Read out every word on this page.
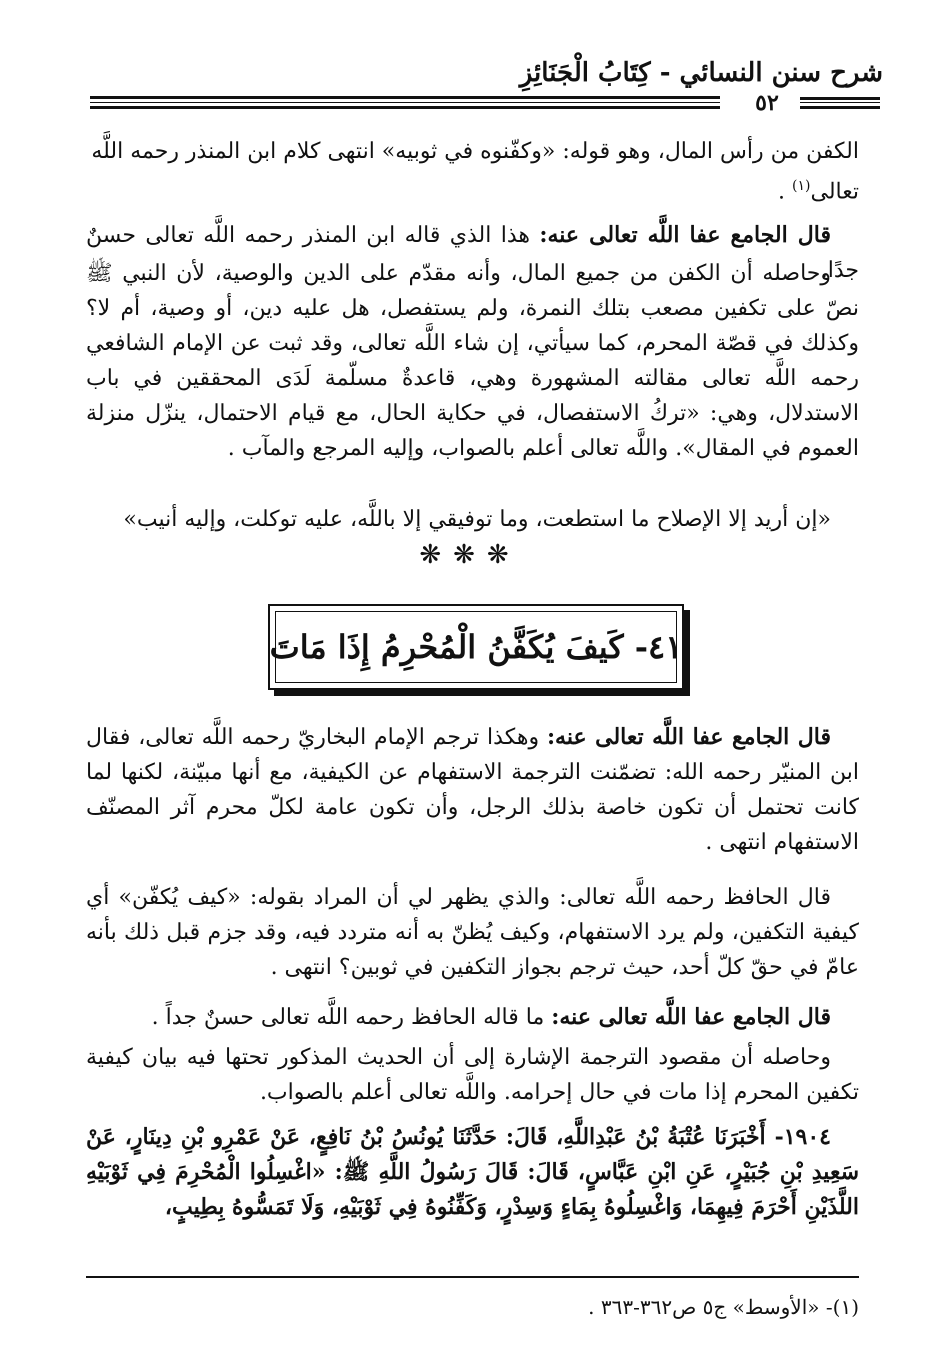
شرح سنن النسائي - كِتَابُ الْجَنَائِزِ
٥٢
الكفن من رأس المال، وهو قوله: «وكفّنوه في ثوبيه» انتهى كلام ابن المنذر رحمه اللَّه
تعالى$^{(١)}$ .
قال الجامع عفا اللَّه تعالى عنه: هذا الذي قاله ابن المنذر رحمه اللَّه تعالى حسنٌ جدًا.
وحاصله أن الكفن من جميع المال، وأنه مقدّم على الدين والوصية، لأن النبي ﷺ نصّ على تكفين مصعب بتلك النمرة، ولم يستفصل، هل عليه دين، أو وصية، أم لا؟ وكذلك في قصّة المحرم، كما سيأتي، إن شاء اللَّه تعالى، وقد ثبت عن الإمام الشافعي رحمه اللَّه تعالى مقالته المشهورة وهي، قاعدةٌ مسلّمة لَدَى المحققين في باب الاستدلال، وهي: «تركُ الاستفصال، في حكاية الحال، مع قيام الاحتمال، ينزّل منزلة العموم في المقال». واللَّه تعالى أعلم بالصواب، وإليه المرجع والمآب .
«إن أريد إلا الإصلاح ما استطعت، وما توفيقي إلا باللَّه، عليه توكلت، وإليه أنيب»
❋❋❋
٤١- كَيفَ يُكَفَّنُ الْمُحْرِمُ إِذَا مَاتَ
قال الجامع عفا اللَّه تعالى عنه: وهكذا ترجم الإمام البخاريّ رحمه اللَّه تعالى، فقال ابن المنيّر رحمه الله: تضمّنت الترجمة الاستفهام عن الكيفية، مع أنها مبيّنة، لكنها لما كانت تحتمل أن تكون خاصة بذلك الرجل، وأن تكون عامة لكلّ محرم آثر المصنّف الاستفهام انتهى .
قال الحافظ رحمه اللَّه تعالى: والذي يظهر لي أن المراد بقوله: «كيف يُكفّن» أي كيفية التكفين، ولم يرد الاستفهام، وكيف يُظنّ به أنه متردد فيه، وقد جزم قبل ذلك بأنه عامّ في حقّ كلّ أحد، حيث ترجم بجواز التكفين في ثوبين؟ انتهى .
قال الجامع عفا اللَّه تعالى عنه: ما قاله الحافظ رحمه اللَّه تعالى حسنٌ جداً .
وحاصله أن مقصود الترجمة الإشارة إلى أن الحديث المذكور تحتها فيه بيان كيفية تكفين المحرم إذا مات في حال إحرامه. واللَّه تعالى أعلم بالصواب.
١٩٠٤- أَخْبَرَنَا عُتْبَةُ بْنُ عَبْدِاللَّهِ، قَالَ: حَدَّثَنَا يُونُسُ بْنُ نَافِعٍ، عَنْ عَمْرِو بْنِ دِينَارٍ، عَنْ سَعِيدِ بْنِ جُبَيْرٍ، عَنِ ابْنِ عَبَّاسٍ، قَالَ: قَالَ رَسُولُ اللَّهِ ﷺ: «اغْسِلُوا الْمُحْرِمَ فِي ثَوْبَيْهِ اللَّذَيْنِ أَحْرَمَ فِيهِمَا، وَاغْسِلُوهُ بِمَاءٍ وَسِدْرٍ، وَكَفِّنُوهُ فِي ثَوْبَيْهِ، وَلَا تَمَسُّوهُ بِطِيبٍ،
(١)- «الأوسط» ج٥ ص٣٦٢-٣٦٣ .
